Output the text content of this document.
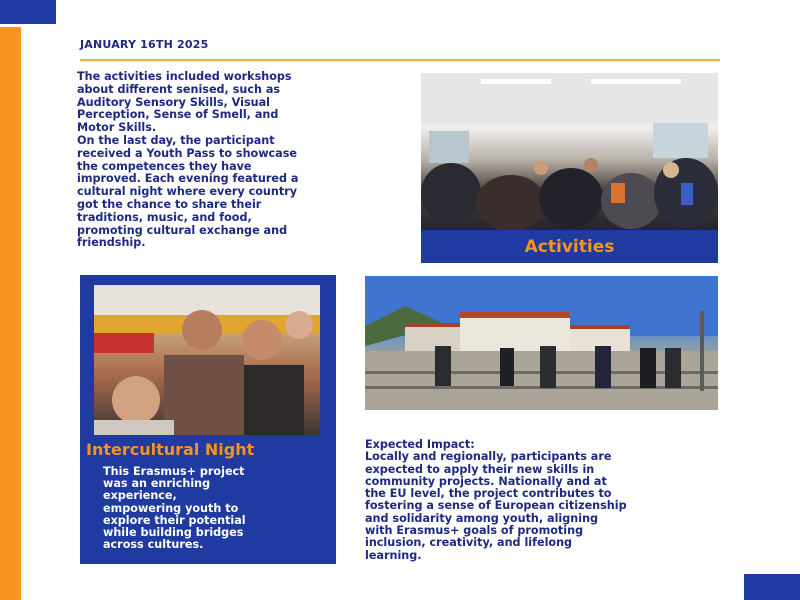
JANUARY 16TH 2025
The activities included workshops
about different senised, such as
Auditory Sensory Skills, Visual
Perception, Sense of Smell, and
Motor Skills.
On the last day, the participant
received a Youth Pass to showcase
the competences they have
improved. Each evening featured a
cultural night where every country
got the chance to share their
traditions, music, and food,
promoting cultural exchange and
friendship.	Activities
Intercultural Night
This Erasmus+ project
was an enriching
experience,
empowering youth to
explore their potential
while building bridges
across cultures.
Expected Impact:
Locally and regionally, participants are
expected to apply their new skills in
community projects. Nationally and at
the EU level, the project contributes to
fostering a sense of European citizenship
and solidarity among youth, aligning
with Erasmus+ goals of promoting
inclusion, creativity, and lifelong
learning.
